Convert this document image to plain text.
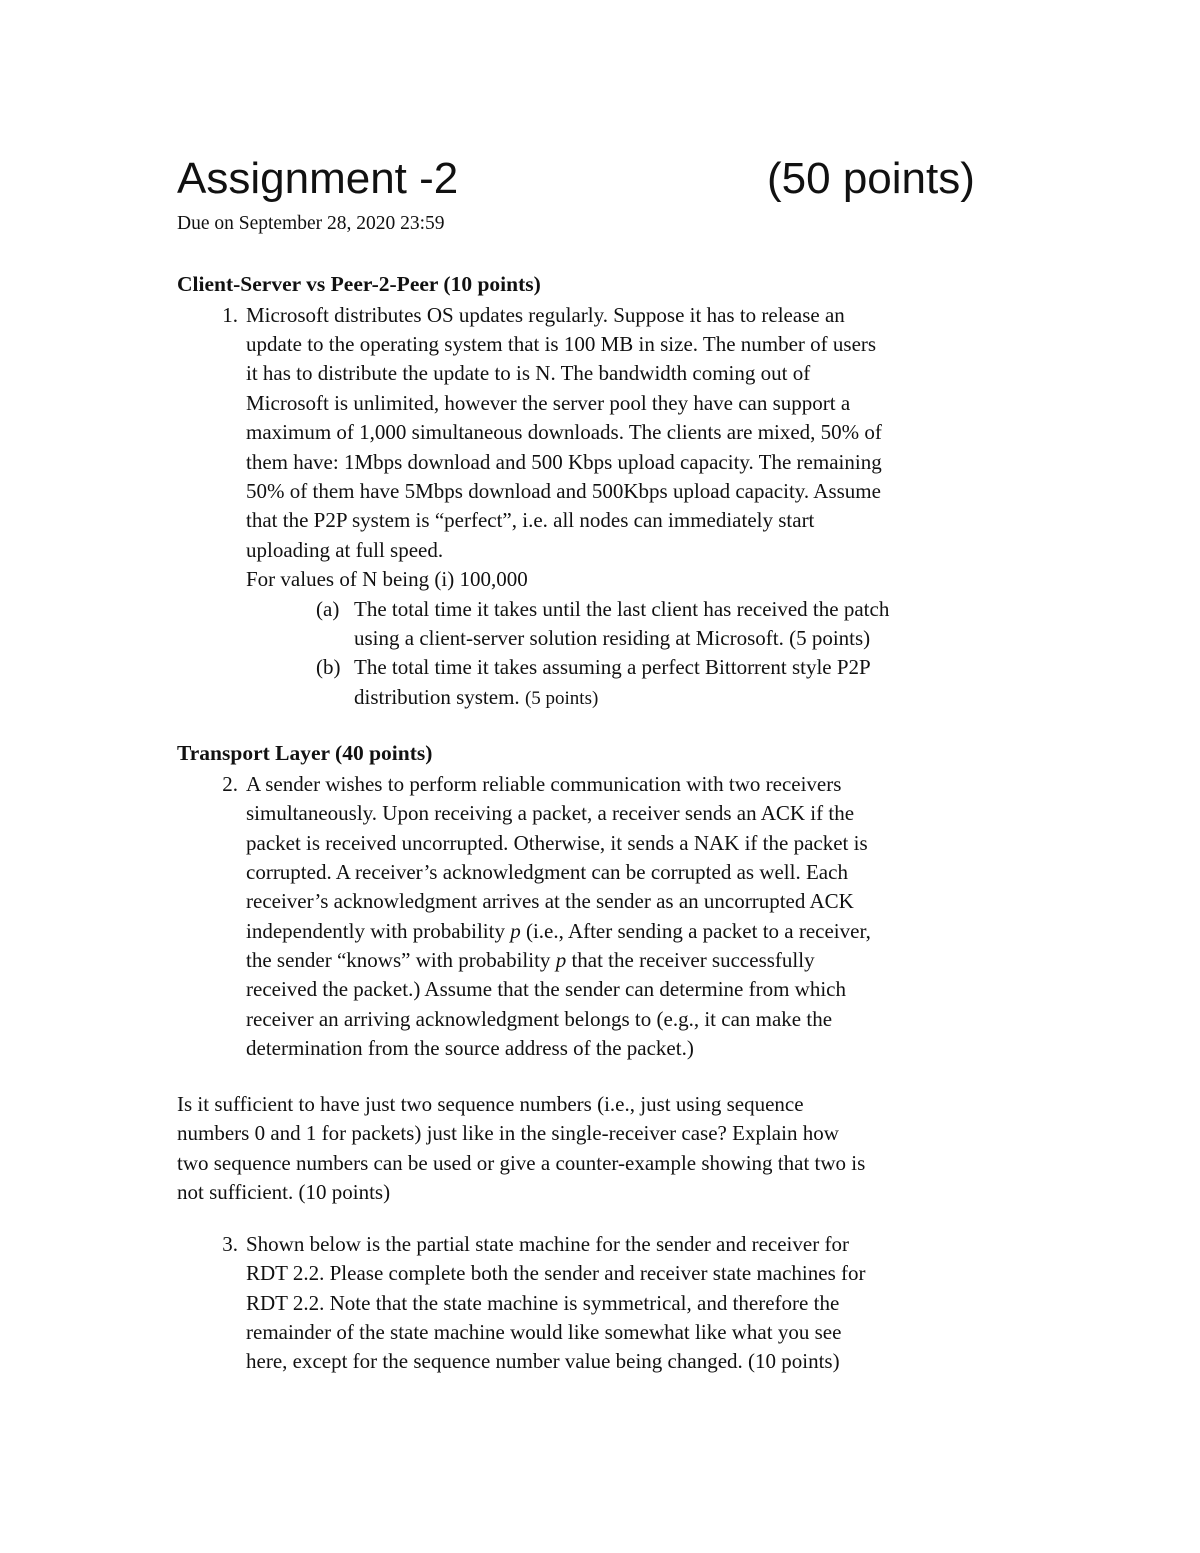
Assignment -2	(50 points)
Due on September 28, 2020 23:59
Client-Server vs Peer-2-Peer (10 points)
1. Microsoft distributes OS updates regularly. Suppose it has to release an
update to the operating system that is 100 MB in size. The number of users
it has to distribute the update to is N. The bandwidth coming out of
Microsoft is unlimited, however the server pool they have can support a
maximum of 1,000 simultaneous downloads. The clients are mixed, 50% of
them have: 1Mbps download and 500 Kbps upload capacity. The remaining
50% of them have 5Mbps download and 500Kbps upload capacity. Assume
that the P2P system is “perfect”, i.e. all nodes can immediately start
uploading at full speed.
For values of N being (i) 100,000
(a) The total time it takes until the last client has received the patch
using a client-server solution residing at Microsoft. (5 points)
(b) The total time it takes assuming a perfect Bittorrent style P2P
distribution system. (5 points)
Transport Layer (40 points)
2. A sender wishes to perform reliable communication with two receivers
simultaneously. Upon receiving a packet, a receiver sends an ACK if the
packet is received uncorrupted. Otherwise, it sends a NAK if the packet is
corrupted. A receiver’s acknowledgment can be corrupted as well. Each
receiver’s acknowledgment arrives at the sender as an uncorrupted ACK
independently with probability p (i.e., After sending a packet to a receiver,
the sender “knows” with probability p that the receiver successfully
received the packet.) Assume that the sender can determine from which
receiver an arriving acknowledgment belongs to (e.g., it can make the
determination from the source address of the packet.)
Is it sufficient to have just two sequence numbers (i.e., just using sequence
numbers 0 and 1 for packets) just like in the single-receiver case? Explain how
two sequence numbers can be used or give a counter-example showing that two is
not sufficient. (10 points)
3. Shown below is the partial state machine for the sender and receiver for
RDT 2.2. Please complete both the sender and receiver state machines for
RDT 2.2. Note that the state machine is symmetrical, and therefore the
remainder of the state machine would like somewhat like what you see
here, except for the sequence number value being changed. (10 points)
